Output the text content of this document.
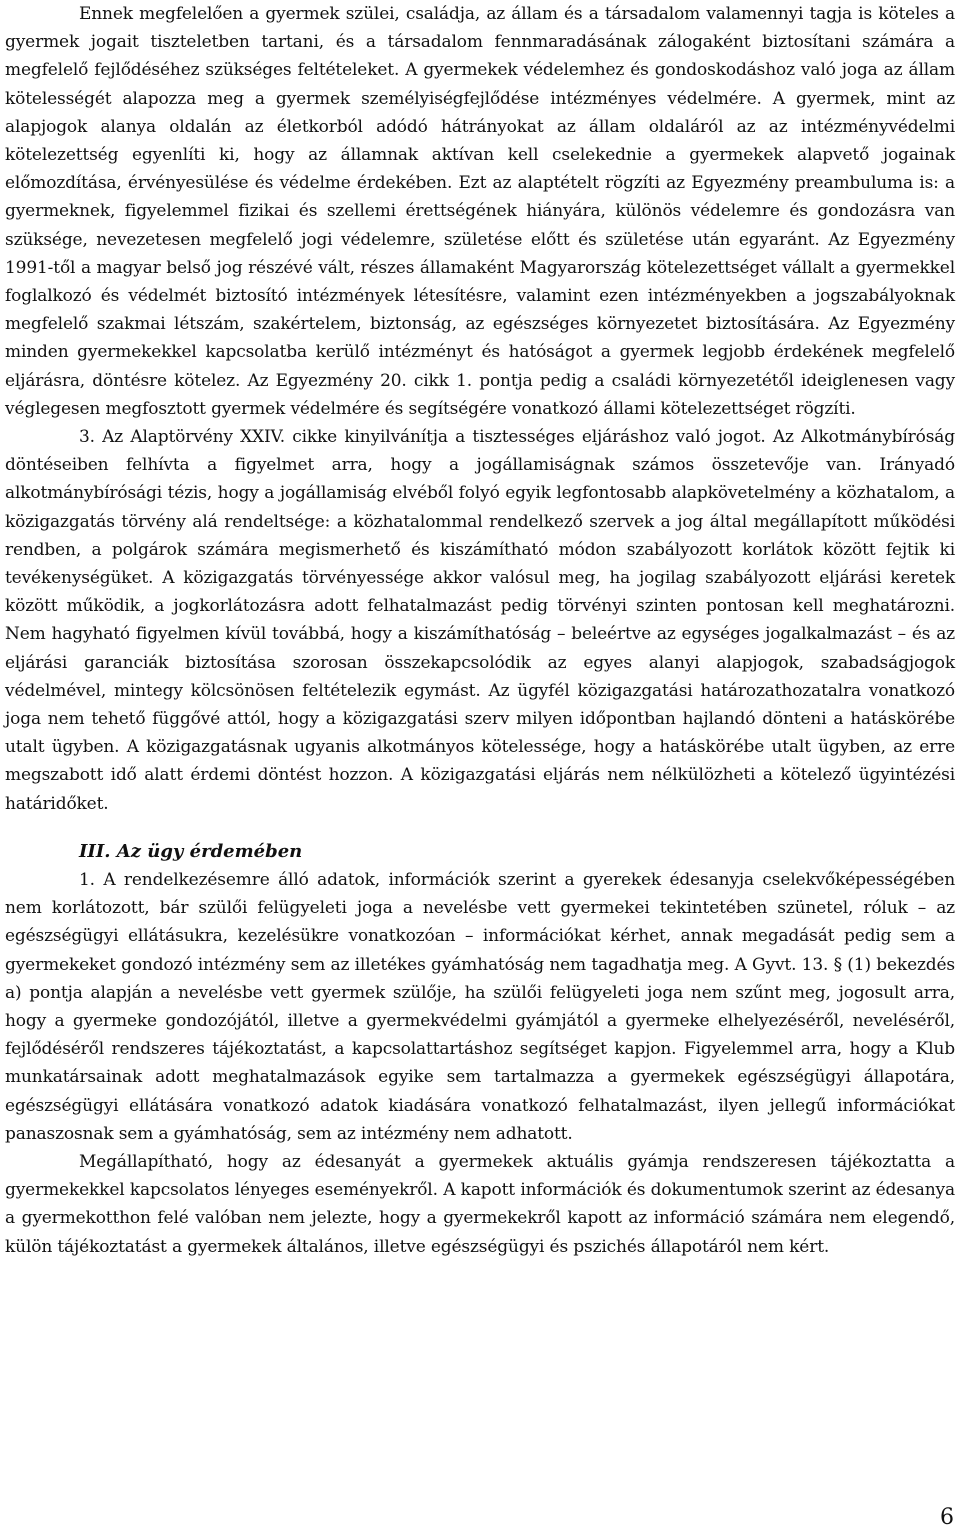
Ennek megfelelően a gyermek szülei, családja, az állam és a társadalom valamennyi tagja is köteles a gyermek jogait tiszteletben tartani, és a társadalom fennmaradásának zálogaként biztosítani számára a megfelelő fejlődéséhez szükséges feltételeket. A gyermekek védelemhez és gondoskodáshoz való joga az állam kötelességét alapozza meg a gyermek személyiségfejlődése intézményes védelmére. A gyermek, mint az alapjogok alanya oldalán az életkorból adódó hátrányokat az állam oldaláról az az intézményvédelmi kötelezettség egyenlíti ki, hogy az államnak aktívan kell cselekednie a gyermekek alapvető jogainak előmozdítása, érvényesülése és védelme érdekében. Ezt az alaptételt rögzíti az Egyezmény preambuluma is: a gyermeknek, figyelemmel fizikai és szellemi érettségének hiányára, különös védelemre és gondozásra van szüksége, nevezetesen megfelelő jogi védelemre, születése előtt és születése után egyaránt. Az Egyezmény 1991-től a magyar belső jog részévé vált, részes államaként Magyarország kötelezettséget vállalt a gyermekkel foglalkozó és védelmét biztosító intézmények létesítésre, valamint ezen intézményekben a jogszabályoknak megfelelő szakmai létszám, szakértelem, biztonság, az egészséges környezetet biztosítására. Az Egyezmény minden gyermekekkel kapcsolatba kerülő intézményt és hatóságot a gyermek legjobb érdekének megfelelő eljárásra, döntésre kötelez. Az Egyezmény 20. cikk 1. pontja pedig a családi környezetétől ideiglenesen vagy véglegesen megfosztott gyermek védelmére és segítségére vonatkozó állami kötelezettséget rögzíti.

3. Az Alaptörvény XXIV. cikke kinyilvánítja a tisztességes eljáráshoz való jogot. Az Alkotmánybíróság döntéseiben felhívta a figyelmet arra, hogy a jogállamiságnak számos összetevője van. Irányadó alkotmánybírósági tézis, hogy a jogállamiság elvéből folyó egyik legfontosabb alapkövetelmény a közhatalom, a közigazgatás törvény alá rendeltsége: a közhatalommal rendelkező szervek a jog által megállapított működési rendben, a polgárok számára megismerhető és kiszámítható módon szabályozott korlátok között fejtik ki tevékenységüket. A közigazgatás törvényessége akkor valósul meg, ha jogilag szabályozott eljárási keretek között működik, a jogkorlátozásra adott felhatalmazást pedig törvényi szinten pontosan kell meghatározni. Nem hagyható figyelmen kívül továbbá, hogy a kiszámíthatóság – beleértve az egységes jogalkalmazást – és az eljárási garanciák biztosítása szorosan összekapcsolódik az egyes alanyi alapjogok, szabadságjogok védelmével, mintegy kölcsönösen feltételezik egymást. Az ügyfél közigazgatási határozathozatalra vonatkozó joga nem tehető függővé attól, hogy a közigazgatási szerv milyen időpontban hajlandó dönteni a hatáskörébe utalt ügyben. A közigazgatásnak ugyanis alkotmányos kötelessége, hogy a hatáskörébe utalt ügyben, az erre megszabott idő alatt érdemi döntést hozzon. A közigazgatási eljárás nem nélkülözheti a kötelező ügyintézési határidőket.

III. Az ügy érdemében

1. A rendelkezésemre álló adatok, információk szerint a gyerekek édesanyja cselekvőképességében nem korlátozott, bár szülői felügyeleti joga a nevelésbe vett gyermekei tekintetében szünetel, róluk – az egészségügyi ellátásukra, kezelésükre vonatkozóan – információkat kérhet, annak megadását pedig sem a gyermekeket gondozó intézmény sem az illetékes gyámhatóság nem tagadhatja meg. A Gyvt. 13. § (1) bekezdés a) pontja alapján a nevelésbe vett gyermek szülője, ha szülői felügyeleti joga nem szűnt meg, jogosult arra, hogy a gyermeke gondozójától, illetve a gyermekvédelmi gyámjától a gyermeke elhelyezéséről, neveléséről, fejlődéséről rendszeres tájékoztatást, a kapcsolattartáshoz segítséget kapjon. Figyelemmel arra, hogy a Klub munkatársainak adott meghatalmazások egyike sem tartalmazza a gyermekek egészségügyi állapotára, egészségügyi ellátására vonatkozó adatok kiadására vonatkozó felhatalmazást, ilyen jellegű információkat panaszosnak sem a gyámhatóság, sem az intézmény nem adhatott.

Megállapítható, hogy az édesanyát a gyermekek aktuális gyámja rendszeresen tájékoztatta a gyermekekkel kapcsolatos lényeges eseményekről. A kapott információk és dokumentumok szerint az édesanya a gyermekotthon felé valóban nem jelezte, hogy a gyermekekről kapott az információ számára nem elegendő, külön tájékoztatást a gyermekek általános, illetve egészségügyi és pszichés állapotáról nem kért.

6
